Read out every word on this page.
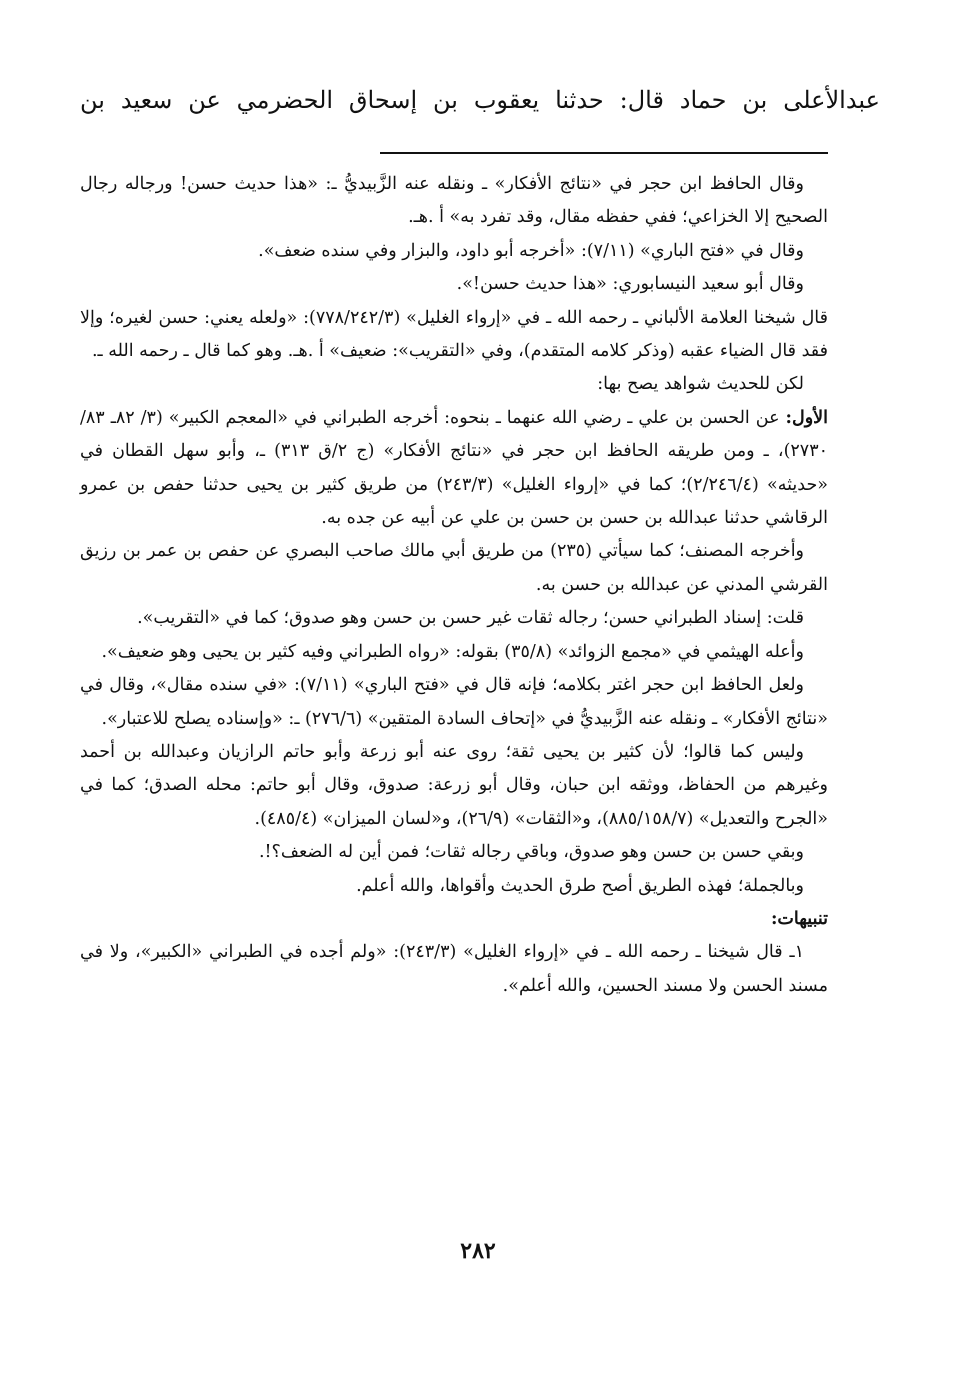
عبدالأعلى بن حماد قال: حدثنا يعقوب بن إسحاق الحضرمي عن سعيد بن

وقال الحافظ ابن حجر في «نتائج الأفكار» ـ ونقله عنه الزَّبيديُّ ـ: «هذا حديث حسن! ورجاله رجال الصحيح إلا الخزاعي؛ ففي حفظه مقال، وقد تفرد به» أ .هـ.

وقال في «فتح الباري» (٧/١١): «أخرجه أبو داود، والبزار وفي سنده ضعف».

وقال أبو سعيد النيسابوري: «هذا حديث حسن!».

قال شيخنا العلامة الألباني ـ رحمه الله ـ في «إرواء الغليل» (٧٧٨/٢٤٢/٣): «ولعله يعني: حسن لغيره؛ وإلا فقد قال الضياء عقبه (وذكر كلامه المتقدم)، وفي «التقريب»: ضعيف» أ .هـ. وهو كما قال ـ رحمه الله ـ.

لكن للحديث شواهد يصح بها:

الأول: عن الحسن بن علي ـ رضي الله عنهما ـ بنحوه: أخرجه الطبراني في «المعجم الكبير» (٣/ ٨٢ـ ٨٣/ ٢٧٣٠)، ـ ومن طريقه الحافظ ابن حجر في «نتائج الأفكار» (ج ٢/ق ٣١٣) ـ، وأبو سهل القطان في «حديثه» (٢/٢٤٦/٤)؛ كما في «إرواء الغليل» (٢٤٣/٣) من طريق كثير بن يحيى حدثنا حفص بن عمرو الرقاشي حدثنا عبدالله بن حسن بن حسن بن علي عن أبيه عن جده به.

وأخرجه المصنف؛ كما سيأتي (٢٣٥) من طريق أبي مالك صاحب البصري عن حفص بن عمر بن رزيق القرشي المدني عن عبدالله بن حسن به.

قلت: إسناد الطبراني حسن؛ رجاله ثقات غير حسن بن حسن وهو صدوق؛ كما في «التقريب».

وأعله الهيثمي في «مجمع الزوائد» (٣٥/٨) بقوله: «رواه الطبراني وفيه كثير بن يحيى وهو ضعيف».

ولعل الحافظ ابن حجر اغتر بكلامه؛ فإنه قال في «فتح الباري» (٧/١١): «في سنده مقال»، وقال في «نتائج الأفكار» ـ ونقله عنه الزَّبيديُّ في «إتحاف السادة المتقين» (٢٧٦/٦) ـ: «وإسناده يصلح للاعتبار».

وليس كما قالوا؛ لأن كثير بن يحيى ثقة؛ روى عنه أبو زرعة وأبو حاتم الرازيان وعبدالله بن أحمد وغيرهم من الحفاظ، ووثقه ابن حبان، وقال أبو زرعة: صدوق، وقال أبو حاتم: محله الصدق؛ كما في «الجرح والتعديل» (٨٨٥/١٥٨/٧)، و«الثقات» (٢٦/٩)، و«لسان الميزان» (٤٨٥/٤).

وبقي حسن بن حسن وهو صدوق، وباقي رجاله ثقات؛ فمن أين له الضعف؟!.

وبالجملة؛ فهذه الطريق أصح طرق الحديث وأقواها، والله أعلم.

تنبيهات:

١ـ قال شيخنا ـ رحمه الله ـ في «إرواء الغليل» (٢٤٣/٣): «ولم أجده في الطبراني «الكبير»، ولا في مسند الحسن ولا مسند الحسين، والله أعلم».

٢٨٢
